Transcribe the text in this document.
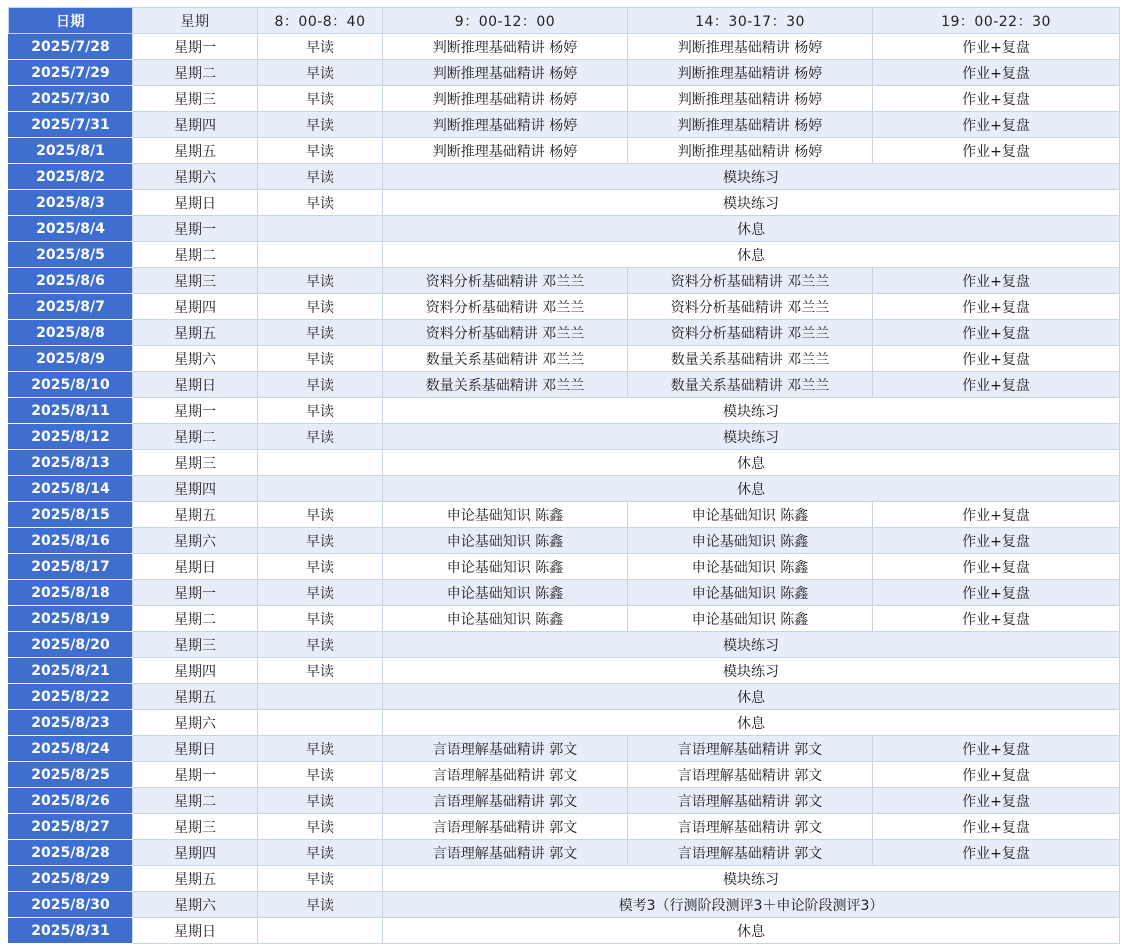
日期	星期	8：00-8：40	9：00-12：00	14：30-17：30	19：00-22：30
2025/7/28	星期一	早读	判断推理基础精讲 杨婷	判断推理基础精讲 杨婷	作业+复盘
2025/7/29	星期二	早读	判断推理基础精讲 杨婷	判断推理基础精讲 杨婷	作业+复盘
2025/7/30	星期三	早读	判断推理基础精讲 杨婷	判断推理基础精讲 杨婷	作业+复盘
2025/7/31	星期四	早读	判断推理基础精讲 杨婷	判断推理基础精讲 杨婷	作业+复盘
2025/8/1	星期五	早读	判断推理基础精讲 杨婷	判断推理基础精讲 杨婷	作业+复盘
2025/8/2	星期六	早读	模块练习		
2025/8/3	星期日	早读	模块练习		
2025/8/4	星期一		休息		
2025/8/5	星期二		休息		
2025/8/6	星期三	早读	资料分析基础精讲 邓兰兰	资料分析基础精讲 邓兰兰	作业+复盘
2025/8/7	星期四	早读	资料分析基础精讲 邓兰兰	资料分析基础精讲 邓兰兰	作业+复盘
2025/8/8	星期五	早读	资料分析基础精讲 邓兰兰	资料分析基础精讲 邓兰兰	作业+复盘
2025/8/9	星期六	早读	数量关系基础精讲 邓兰兰	数量关系基础精讲 邓兰兰	作业+复盘
2025/8/10	星期日	早读	数量关系基础精讲 邓兰兰	数量关系基础精讲 邓兰兰	作业+复盘
2025/8/11	星期一	早读	模块练习		
2025/8/12	星期二	早读	模块练习		
2025/8/13	星期三		休息		
2025/8/14	星期四		休息		
2025/8/15	星期五	早读	申论基础知识 陈鑫	申论基础知识 陈鑫	作业+复盘
2025/8/16	星期六	早读	申论基础知识 陈鑫	申论基础知识 陈鑫	作业+复盘
2025/8/17	星期日	早读	申论基础知识 陈鑫	申论基础知识 陈鑫	作业+复盘
2025/8/18	星期一	早读	申论基础知识 陈鑫	申论基础知识 陈鑫	作业+复盘
2025/8/19	星期二	早读	申论基础知识 陈鑫	申论基础知识 陈鑫	作业+复盘
2025/8/20	星期三	早读	模块练习		
2025/8/21	星期四	早读	模块练习		
2025/8/22	星期五		休息		
2025/8/23	星期六		休息		
2025/8/24	星期日	早读	言语理解基础精讲 郭文	言语理解基础精讲 郭文	作业+复盘
2025/8/25	星期一	早读	言语理解基础精讲 郭文	言语理解基础精讲 郭文	作业+复盘
2025/8/26	星期二	早读	言语理解基础精讲 郭文	言语理解基础精讲 郭文	作业+复盘
2025/8/27	星期三	早读	言语理解基础精讲 郭文	言语理解基础精讲 郭文	作业+复盘
2025/8/28	星期四	早读	言语理解基础精讲 郭文	言语理解基础精讲 郭文	作业+复盘
2025/8/29	星期五	早读	模块练习		
2025/8/30	星期六	早读	模考3（行测阶段测评3＋申论阶段测评3）		
2025/8/31	星期日		休息		
